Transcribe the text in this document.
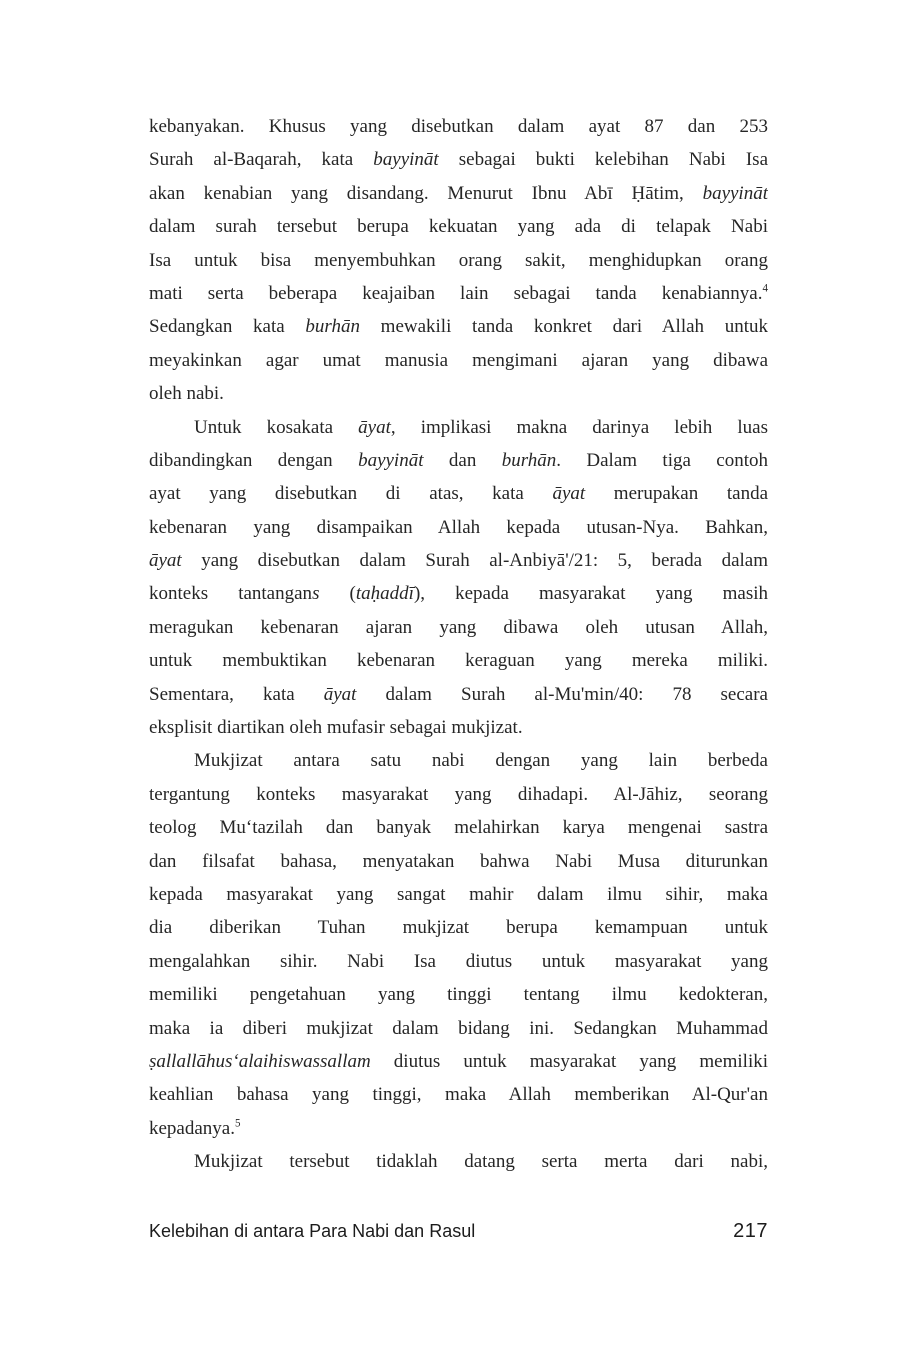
kebanyakan. Khusus yang disebutkan dalam ayat 87 dan 253
Surah al-Baqarah, kata bayyināt sebagai bukti kelebihan Nabi Isa
akan kenabian yang disandang. Menurut Ibnu Abī Ḥātim, bayyināt
dalam surah tersebut berupa kekuatan yang ada di telapak Nabi
Isa untuk bisa menyembuhkan orang sakit, menghidupkan orang
mati serta beberapa keajaiban lain sebagai tanda kenabiannya.$^4$
Sedangkan kata burhān mewakili tanda konkret dari Allah untuk
meyakinkan agar umat manusia mengimani ajaran yang dibawa
oleh nabi.
Untuk kosakata āyat, implikasi makna darinya lebih luas
dibandingkan dengan bayyināt dan burhān. Dalam tiga contoh
ayat yang disebutkan di atas, kata āyat merupakan tanda
kebenaran yang disampaikan Allah kepada utusan-Nya. Bahkan,
āyat yang disebutkan dalam Surah al-Anbiyā'/21: 5, berada dalam
konteks tantangans (taḥaddī), kepada masyarakat yang masih
meragukan kebenaran ajaran yang dibawa oleh utusan Allah,
untuk membuktikan kebenaran keraguan yang mereka miliki.
Sementara, kata āyat dalam Surah al-Mu'min/40: 78 secara
eksplisit diartikan oleh mufasir sebagai mukjizat.
Mukjizat antara satu nabi dengan yang lain berbeda
tergantung konteks masyarakat yang dihadapi. Al-Jāhiz, seorang
teolog Mu‘tazilah dan banyak melahirkan karya mengenai sastra
dan filsafat bahasa, menyatakan bahwa Nabi Musa diturunkan
kepada masyarakat yang sangat mahir dalam ilmu sihir, maka
dia diberikan Tuhan mukjizat berupa kemampuan untuk
mengalahkan sihir. Nabi Isa diutus untuk masyarakat yang
memiliki pengetahuan yang tinggi tentang ilmu kedokteran,
maka ia diberi mukjizat dalam bidang ini. Sedangkan Muhammad
ṣallallāhus‘alaihiswassallam diutus untuk masyarakat yang memiliki
keahlian bahasa yang tinggi, maka Allah memberikan Al-Qur'an
kepadanya.$^5$
Mukjizat tersebut tidaklah datang serta merta dari nabi,
Kelebihan di antara Para Nabi dan Rasul	217
